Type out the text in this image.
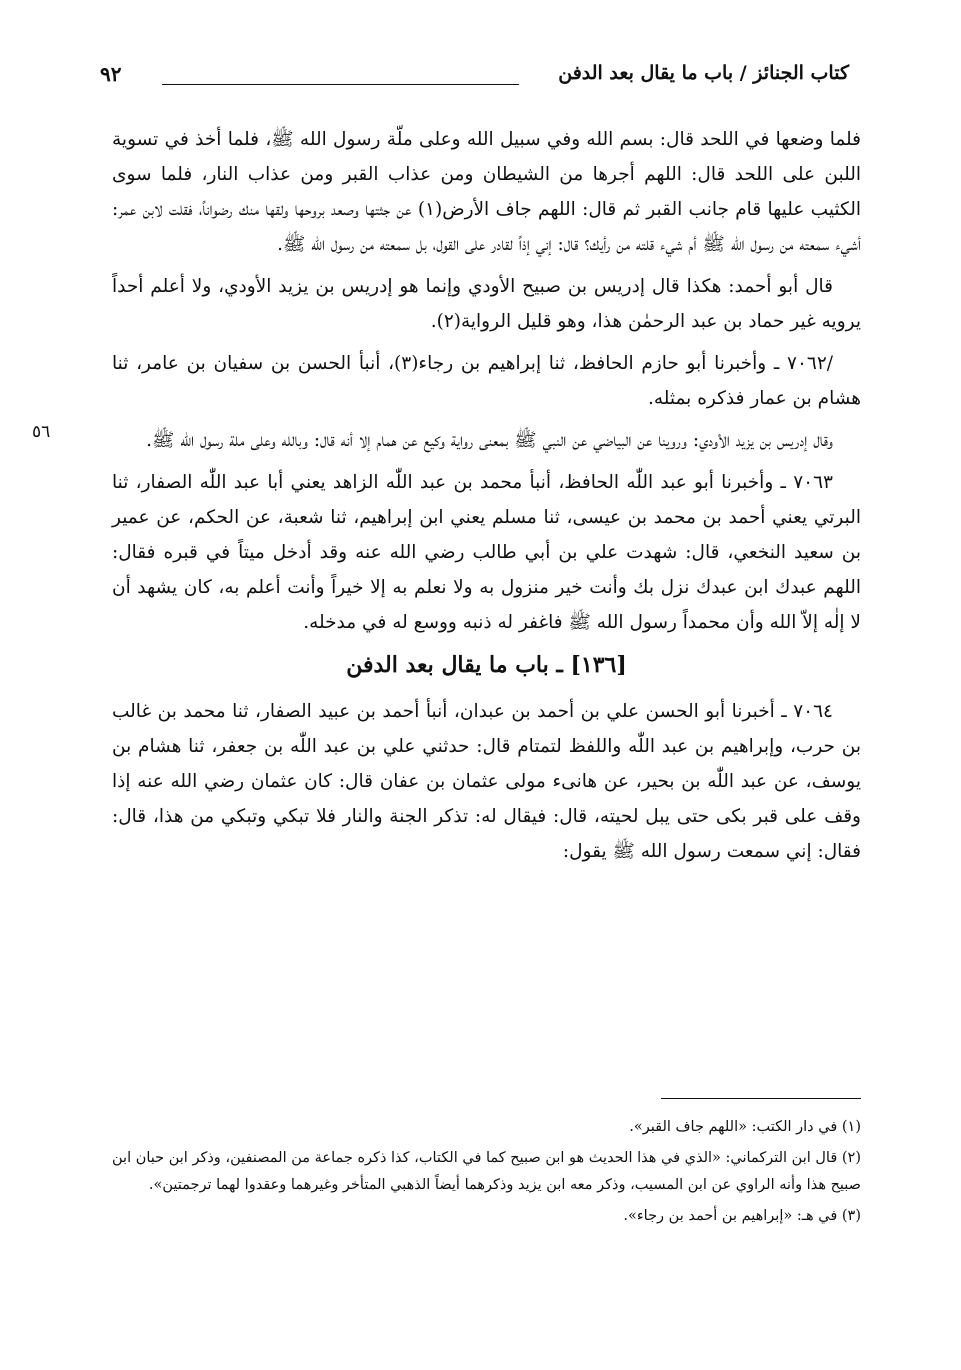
كتاب الجنائز / باب ما يقال بعد الدفن
٩٢
٥٦

فلما وضعها في اللحد قال: بسم الله وفي سبيل الله وعلى ملّة رسول الله ﷺ، فلما أخذ في تسوية اللبن على اللحد قال: اللهم أجرها من الشيطان ومن عذاب القبر ومن عذاب النار، فلما سوى الكثيب عليها قام جانب القبر ثم قال: اللهم جاف الأرض(١) عن جثتها وصعد بروحها ولقها منك رضواناً، فقلت لابن عمر: أشيء سمعته من رسول الله ﷺ أم شيء قلته من رأيك؟ قال: إني إذاً لقادر على القول، بل سمعته من رسول الله ﷺ.

قال أبو أحمد: هكذا قال إدريس بن صبيح الأودي وإنما هو إدريس بن يزيد الأودي، ولا أعلم أحداً يرويه غير حماد بن عبد الرحمٰن هذا، وهو قليل الرواية(٢).

/٧٠٦٢ ـ وأخبرنا أبو حازم الحافظ، ثنا إبراهيم بن رجاء(٣)، أنبأ الحسن بن سفيان بن عامر، ثنا هشام بن عمار فذكره بمثله.

وقال إدريس بن يزيد الأودي: وروينا عن البياضي عن النبي ﷺ بمعنى رواية وكيع عن همام إلا أنه قال: وبالله وعلى ملة رسول الله ﷺ.

٧٠٦٣ ـ وأخبرنا أبو عبد اللّٰه الحافظ، أنبأ محمد بن عبد اللّٰه الزاهد يعني أبا عبد اللّٰه الصفار، ثنا البرتي يعني أحمد بن محمد بن عيسى، ثنا مسلم يعني ابن إبراهيم، ثنا شعبة، عن الحكم، عن عمير بن سعيد النخعي، قال: شهدت علي بن أبي طالب رضي الله عنه وقد أدخل ميتاً في قبره فقال: اللهم عبدك ابن عبدك نزل بك وأنت خير منزول به ولا نعلم به إلا خيراً وأنت أعلم به، كان يشهد أن لا إلٰه إلاّ الله وأن محمداً رسول الله ﷺ فاغفر له ذنبه ووسع له في مدخله.

[١٣٦] ـ باب ما يقال بعد الدفن

٧٠٦٤ ـ أخبرنا أبو الحسن علي بن أحمد بن عبدان، أنبأ أحمد بن عبيد الصفار، ثنا محمد بن غالب بن حرب، وإبراهيم بن عبد اللّٰه واللفظ لتمتام قال: حدثني علي بن عبد اللّٰه بن جعفر، ثنا هشام بن يوسف، عن عبد اللّٰه بن بحير، عن هانىء مولى عثمان بن عفان قال: كان عثمان رضي الله عنه إذا وقف على قبر بكى حتى يبل لحيته، قال: فيقال له: تذكر الجنة والنار فلا تبكي وتبكي من هذا، قال: فقال: إني سمعت رسول الله ﷺ يقول:

(١) في دار الكتب: «اللهم جاف القبر».

(٢) قال ابن التركماني: «الذي في هذا الحديث هو ابن صبيح كما في الكتاب، كذا ذكره جماعة من المصنفين، وذكر ابن حبان ابن صبيح هذا وأنه الراوي عن ابن المسيب، وذكر معه ابن يزيد وذكرهما أيضاً الذهبي المتأخر وغيرهما وعقدوا لهما ترجمتين».

(٣) في هـ: «إبراهيم بن أحمد بن رجاء».
